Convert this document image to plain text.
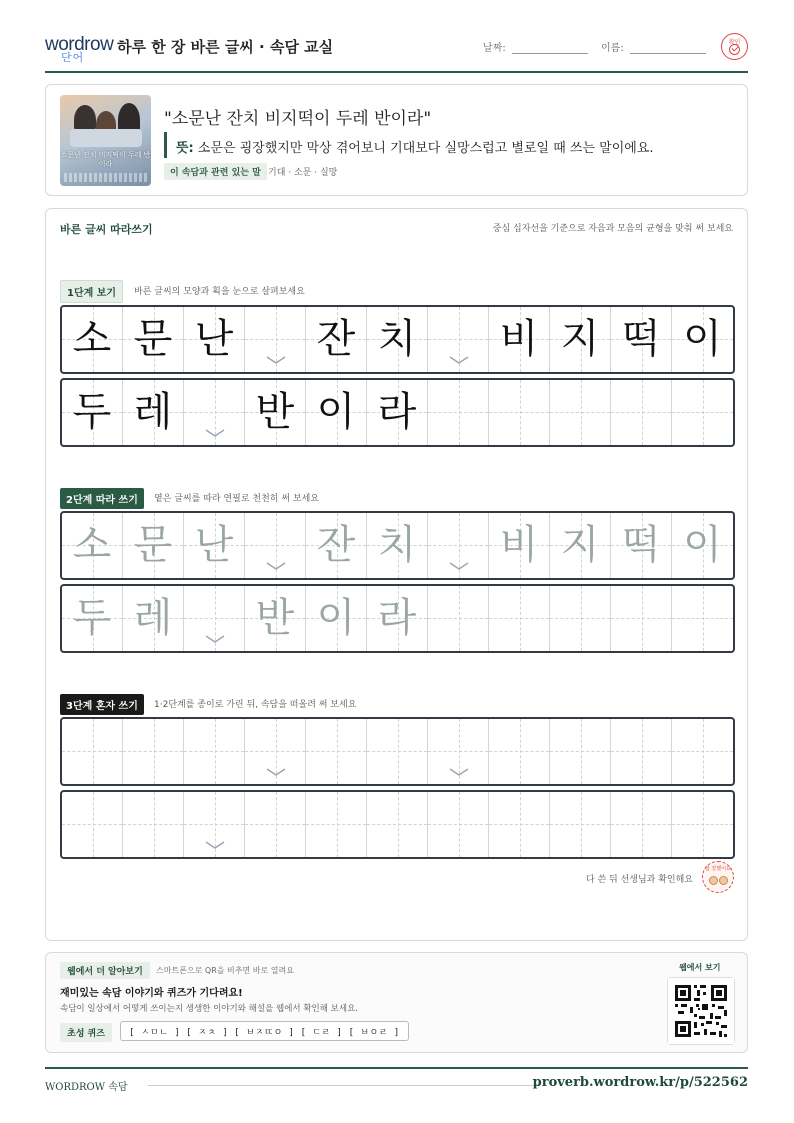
wordrow
단어
하루 한 장 바른 글씨 · 속담 교실	날짜:	이름:
확인
소문난 잔치 비지떡이 두레 반이라
"소문난 잔치 비지떡이 두레 반이라"
뜻: 소문은 굉장했지만 막상 겪어보니 기대보다 실망스럽고 별로일 때 쓰는 말이에요.
이 속담과 관련 있는 말 기대 · 소문 · 실망
바른 글씨 따라쓰기	중심 십자선을 기준으로 자음과 모음의 균형을 맞춰 써 보세요
1단계 보기	바른 글씨의 모양과 획을 눈으로 살펴보세요
소 문 난 잔 치 비 지 떡 이
두 레 반 이 라
2단계 따라 쓰기	옅은 글씨를 따라 연필로 천천히 써 보세요
소 문 난 잔 치 비 지 떡 이
두 레 반 이 라
3단계 혼자 쓰기	1·2단계를 종이로 가린 뒤, 속담을 떠올려 써 보세요
다 쓴 뒤 선생님과 확인해요
참 잘했어요
웹에서 더 알아보기	스마트폰으로 QR을 비추면 바로 열려요
재미있는 속담 이야기와 퀴즈가 기다려요!
속담이 일상에서 어떻게 쓰이는지 생생한 이야기와 해설을 웹에서 확인해 보세요.
초성 퀴즈	[ ㅅㅁㄴ ] [ ㅈㅊ ] [ ㅂㅈㄸㅇ ] [ ㄷㄹ ] [ ㅂㅇㄹ ]
웹에서 보기
WORDROW 속담	proverb.wordrow.kr/p/522562
